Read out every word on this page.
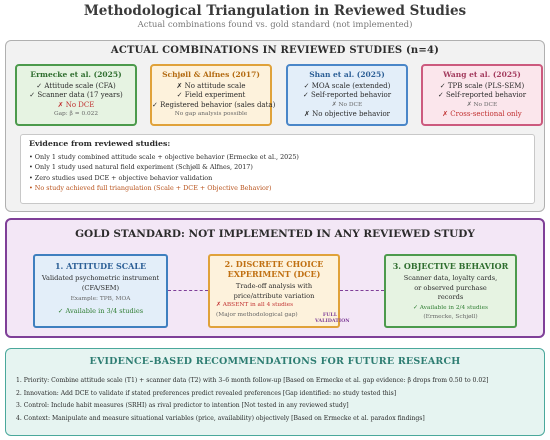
Methodological Triangulation in Reviewed Studies
Actual combinations found vs. gold standard (not implemented)
ACTUAL COMBINATIONS IN REVIEWED STUDIES (n=4)
Ermecke et al. (2025)
✓ Attitude scale (CFA)
✓ Scanner data (17 years)
✗ No DCE
Gap: β = 0.022
Schjøll & Alfnes (2017)
✗ No attitude scale
✓ Field experiment
✓ Registered behavior (sales data)
No gap analysis possible
Shan et al. (2025)
✓ MOA scale (extended)
✓ Self-reported behavior
✗ No DCE
✗ No objective behavior
Wang et al. (2025)
✓ TPB scale (PLS-SEM)
✓ Self-reported behavior
✗ No DCE
✗ Cross-sectional only
Evidence from reviewed studies:
• Only 1 study combined attitude scale + objective behavior (Ermecke et al., 2025)
• Only 1 study used natural field experiment (Schjøll & Alfnes, 2017)
• Zero studies used DCE + objective behavior validation
• No study achieved full triangulation (Scale + DCE + Objective Behavior)
GOLD STANDARD: NOT IMPLEMENTED IN ANY REVIEWED STUDY
1. ATTITUDE SCALE
Validated psychometric instrument (CFA/SEM)
Example: TPB, MOA
✓ Available in 3/4 studies
2. DISCRETE CHOICE EXPERIMENT (DCE)
Trade-off analysis with price/attribute variation
✗ ABSENT in all 4 studies
(Major methodological gap)	FULL VALIDATION
3. OBJECTIVE BEHAVIOR
Scanner data, loyalty cards, or observed purchase records
✓ Available in 2/4 studies
(Ermecke, Schjøll)
EVIDENCE-BASED RECOMMENDATIONS FOR FUTURE RESEARCH
1. Priority: Combine attitude scale (T1) + scanner data (T2) with 3–6 month follow-up [Based on Ermecke et al. gap evidence: β drops from 0.50 to 0.02]
2. Innovation: Add DCE to validate if stated preferences predict revealed preferences [Gap identified: no study tested this]
3. Control: Include habit measures (SRHI) as rival predictor to intention [Not tested in any reviewed study]
4. Context: Manipulate and measure situational variables (price, availability) objectively [Based on Ermecke et al. paradox findings]
